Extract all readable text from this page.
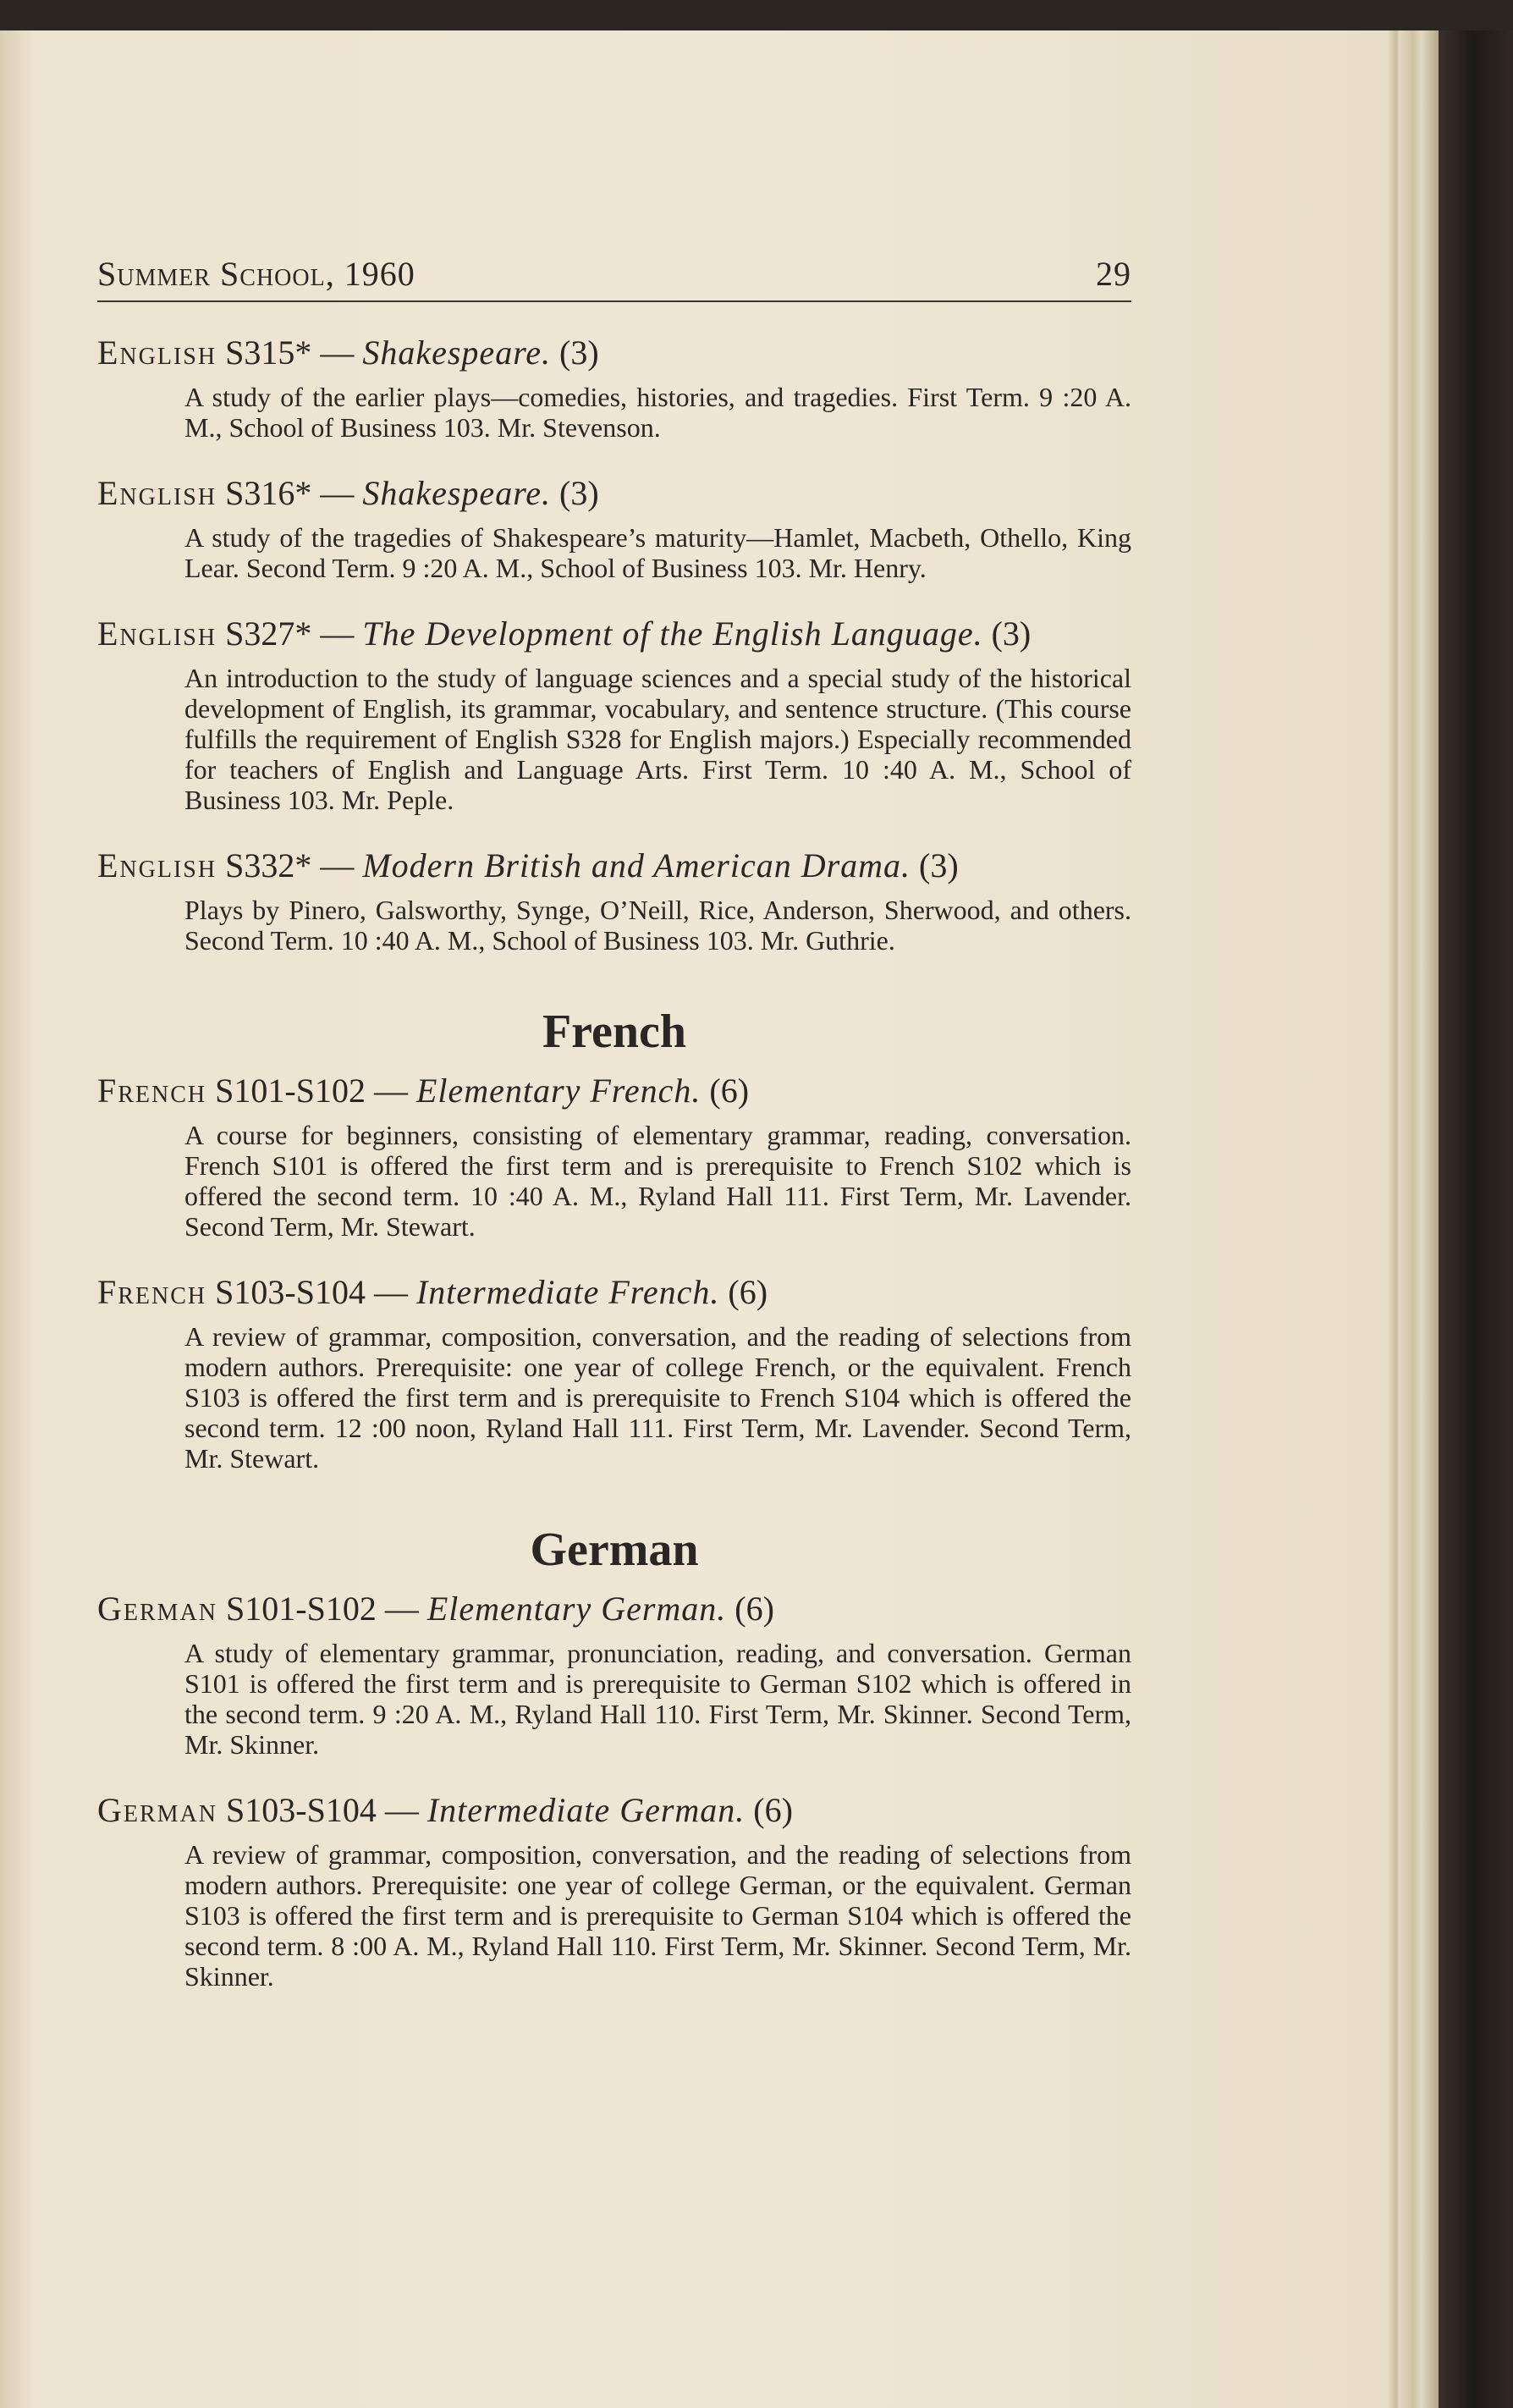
Summer School, 1960	29
English S315* — Shakespeare. (3)
A study of the earlier plays—comedies, histories, and tragedies. First Term. 9 :20 A. M., School of Business 103. Mr. Stevenson.
English S316* — Shakespeare. (3)
A study of the tragedies of Shakespeare’s maturity—Hamlet, Macbeth, Othello, King Lear. Second Term. 9 :20 A. M., School of Business 103. Mr. Henry.
English S327* — The Development of the English Language. (3)
An introduction to the study of language sciences and a special study of the historical development of English, its grammar, vocabulary, and sentence structure. (This course fulfills the requirement of English S328 for English majors.) Especially recommended for teachers of English and Language Arts. First Term. 10 :40 A. M., School of Business 103. Mr. Peple.
English S332* — Modern British and American Drama. (3)
Plays by Pinero, Galsworthy, Synge, O’Neill, Rice, Anderson, Sherwood, and others. Second Term. 10 :40 A. M., School of Business 103. Mr. Guthrie.
French
French S101-S102 — Elementary French. (6)
A course for beginners, consisting of elementary grammar, reading, conversation. French S101 is offered the first term and is prerequisite to French S102 which is offered the second term. 10 :40 A. M., Ryland Hall 111. First Term, Mr. Lavender. Second Term, Mr. Stewart.
French S103-S104 — Intermediate French. (6)
A review of grammar, composition, conversation, and the reading of selections from modern authors. Prerequisite: one year of college French, or the equivalent. French S103 is offered the first term and is prerequisite to French S104 which is offered the second term. 12 :00 noon, Ryland Hall 111. First Term, Mr. Lavender. Second Term, Mr. Stewart.
German
German S101-S102 — Elementary German. (6)
A study of elementary grammar, pronunciation, reading, and conversation. German S101 is offered the first term and is prerequisite to German S102 which is offered in the second term. 9 :20 A. M., Ryland Hall 110. First Term, Mr. Skinner. Second Term, Mr. Skinner.
German S103-S104 — Intermediate German. (6)
A review of grammar, composition, conversation, and the reading of selections from modern authors. Prerequisite: one year of college German, or the equivalent. German S103 is offered the first term and is prerequisite to German S104 which is offered the second term. 8 :00 A. M., Ryland Hall 110. First Term, Mr. Skinner. Second Term, Mr. Skinner.
